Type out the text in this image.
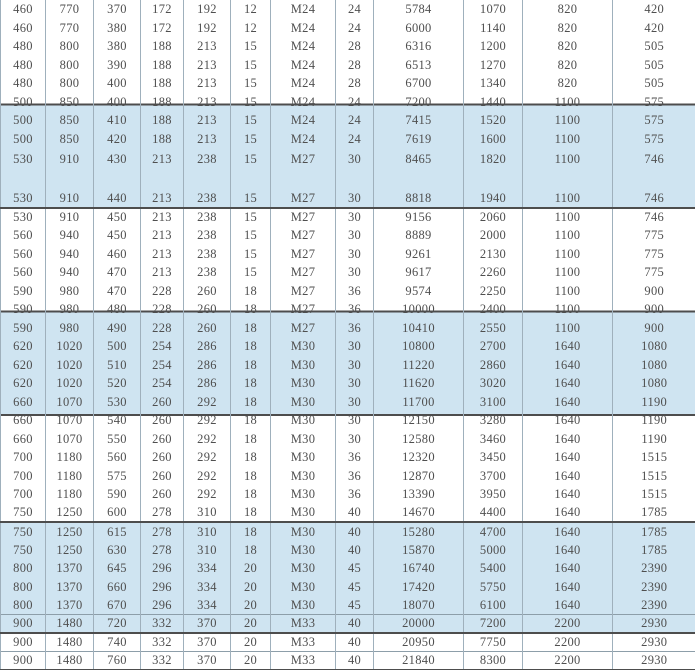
460	770	370	172	192	12	M24	24	5784	1070	820	420
460	770	380	172	192	12	M24	24	6000	1140	820	420
480	800	380	188	213	15	M24	28	6316	1200	820	505
480	800	390	188	213	15	M24	28	6513	1270	820	505
480	800	400	188	213	15	M24	28	6700	1340	820	505
500	850	400	188	213	15	M24	24	7200	1440	1100	575
500	850	410	188	213	15	M24	24	7415	1520	1100	575
500	850	420	188	213	15	M24	24	7619	1600	1100	575
530	910	430	213	238	15	M27	30	8465	1820	1100	746
530	910	440	213	238	15	M27	30	8818	1940	1100	746
530	910	450	213	238	15	M27	30	9156	2060	1100	746
560	940	450	213	238	15	M27	30	8889	2000	1100	775
560	940	460	213	238	15	M27	30	9261	2130	1100	775
560	940	470	213	238	15	M27	30	9617	2260	1100	775
590	980	470	228	260	18	M27	36	9574	2250	1100	900
590	980	480	228	260	18	M27	36	10000	2400	1100	900
590	980	490	228	260	18	M27	36	10410	2550	1100	900
620	1020	500	254	286	18	M30	30	10800	2700	1640	1080
620	1020	510	254	286	18	M30	30	11220	2860	1640	1080
620	1020	520	254	286	18	M30	30	11620	3020	1640	1080
660	1070	530	260	292	18	M30	30	11700	3100	1640	1190
660	1070	540	260	292	18	M30	30	12150	3280	1640	1190
660	1070	550	260	292	18	M30	30	12580	3460	1640	1190
700	1180	560	260	292	18	M30	36	12320	3450	1640	1515
700	1180	575	260	292	18	M30	36	12870	3700	1640	1515
700	1180	590	260	292	18	M30	36	13390	3950	1640	1515
750	1250	600	278	310	18	M30	40	14670	4400	1640	1785
750	1250	615	278	310	18	M30	40	15280	4700	1640	1785
750	1250	630	278	310	18	M30	40	15870	5000	1640	1785
800	1370	645	296	334	20	M30	45	16740	5400	1640	2390
800	1370	660	296	334	20	M30	45	17420	5750	1640	2390
800	1370	670	296	334	20	M30	45	18070	6100	1640	2390
900	1480	720	332	370	20	M33	40	20000	7200	2200	2930
900	1480	740	332	370	20	M33	40	20950	7750	2200	2930
900	1480	760	332	370	20	M33	40	21840	8300	2200	2930
